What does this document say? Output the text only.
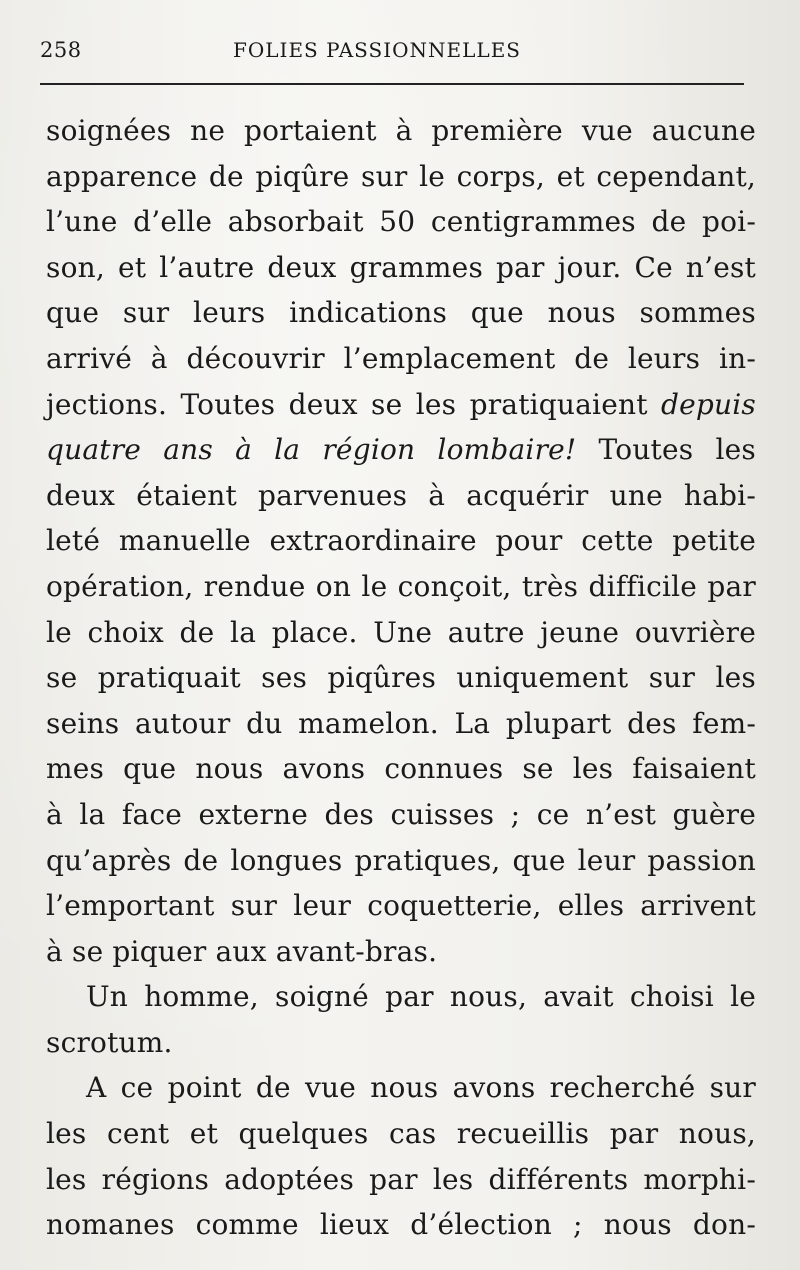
258	FOLIES PASSIONNELLES
soignées ne portaient à première vue aucune
apparence de piqûre sur le corps, et cependant,
l’une d’elle absorbait 50 centigrammes de poi-
son, et l’autre deux grammes par jour. Ce n’est
que sur leurs indications que nous sommes
arrivé à découvrir l’emplacement de leurs in-
jections. Toutes deux se les pratiquaient depuis
quatre ans à la région lombaire! Toutes les
deux étaient parvenues à acquérir une habi-
leté manuelle extraordinaire pour cette petite
opération, rendue on le conçoit, très difficile par
le choix de la place. Une autre jeune ouvrière
se pratiquait ses piqûres uniquement sur les
seins autour du mamelon. La plupart des fem-
mes que nous avons connues se les faisaient
à la face externe des cuisses ; ce n’est guère
qu’après de longues pratiques, que leur passion
l’emportant sur leur coquetterie, elles arrivent
à se piquer aux avant-bras.
Un homme, soigné par nous, avait choisi le
scrotum.
A ce point de vue nous avons recherché sur
les cent et quelques cas recueillis par nous,
les régions adoptées par les différents morphi-
nomanes comme lieux d’élection ; nous don-
